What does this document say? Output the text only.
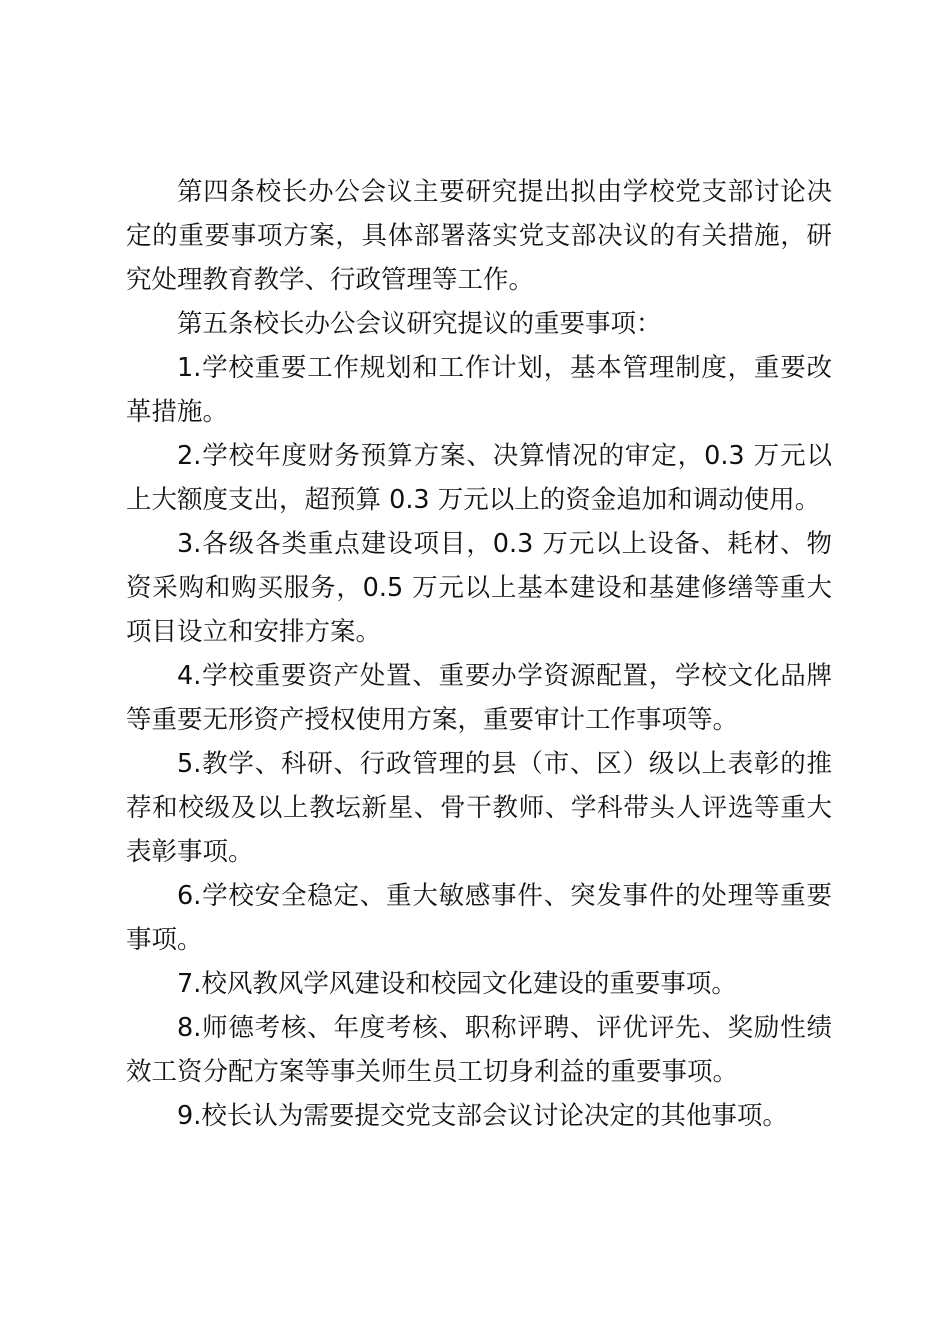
第四条校长办公会议主要研究提出拟由学校党支部讨论决定的重要事项方案，具体部署落实党支部决议的有关措施，研究处理教育教学、行政管理等工作。

第五条校长办公会议研究提议的重要事项：

1.学校重要工作规划和工作计划，基本管理制度，重要改革措施。

2.学校年度财务预算方案、决算情况的审定，0.3 万元以上大额度支出，超预算 0.3 万元以上的资金追加和调动使用。

3.各级各类重点建设项目，0.3 万元以上设备、耗材、物资采购和购买服务，0.5 万元以上基本建设和基建修缮等重大项目设立和安排方案。

4.学校重要资产处置、重要办学资源配置，学校文化品牌等重要无形资产授权使用方案，重要审计工作事项等。

5.教学、科研、行政管理的县（市、区）级以上表彰的推荐和校级及以上教坛新星、骨干教师、学科带头人评选等重大表彰事项。

6.学校安全稳定、重大敏感事件、突发事件的处理等重要事项。

7.校风教风学风建设和校园文化建设的重要事项。

8.师德考核、年度考核、职称评聘、评优评先、奖励性绩效工资分配方案等事关师生员工切身利益的重要事项。

9.校长认为需要提交党支部会议讨论决定的其他事项。
